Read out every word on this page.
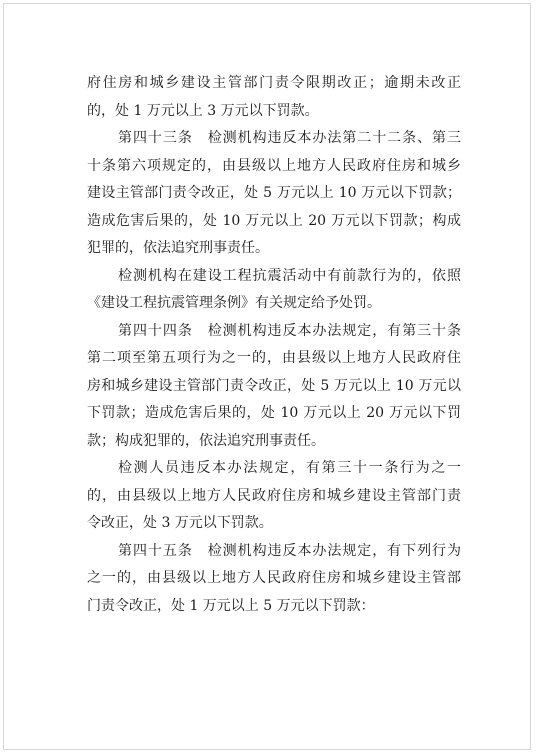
府住房和城乡建设主管部门责令限期改正；逾期未改正
的，处 1 万元以上 3 万元以下罚款。
第四十三条　检测机构违反本办法第二十二条、第三
十条第六项规定的，由县级以上地方人民政府住房和城乡
建设主管部门责令改正，处 5 万元以上 10 万元以下罚款；
造成危害后果的，处 10 万元以上 20 万元以下罚款；构成
犯罪的，依法追究刑事责任。
检测机构在建设工程抗震活动中有前款行为的，依照
《建设工程抗震管理条例》有关规定给予处罚。
第四十四条　检测机构违反本办法规定，有第三十条
第二项至第五项行为之一的，由县级以上地方人民政府住
房和城乡建设主管部门责令改正，处 5 万元以上 10 万元以
下罚款；造成危害后果的，处 10 万元以上 20 万元以下罚
款；构成犯罪的，依法追究刑事责任。
检测人员违反本办法规定，有第三十一条行为之一
的，由县级以上地方人民政府住房和城乡建设主管部门责
令改正，处 3 万元以下罚款。
第四十五条　检测机构违反本办法规定，有下列行为
之一的，由县级以上地方人民政府住房和城乡建设主管部
门责令改正，处 1 万元以上 5 万元以下罚款：
